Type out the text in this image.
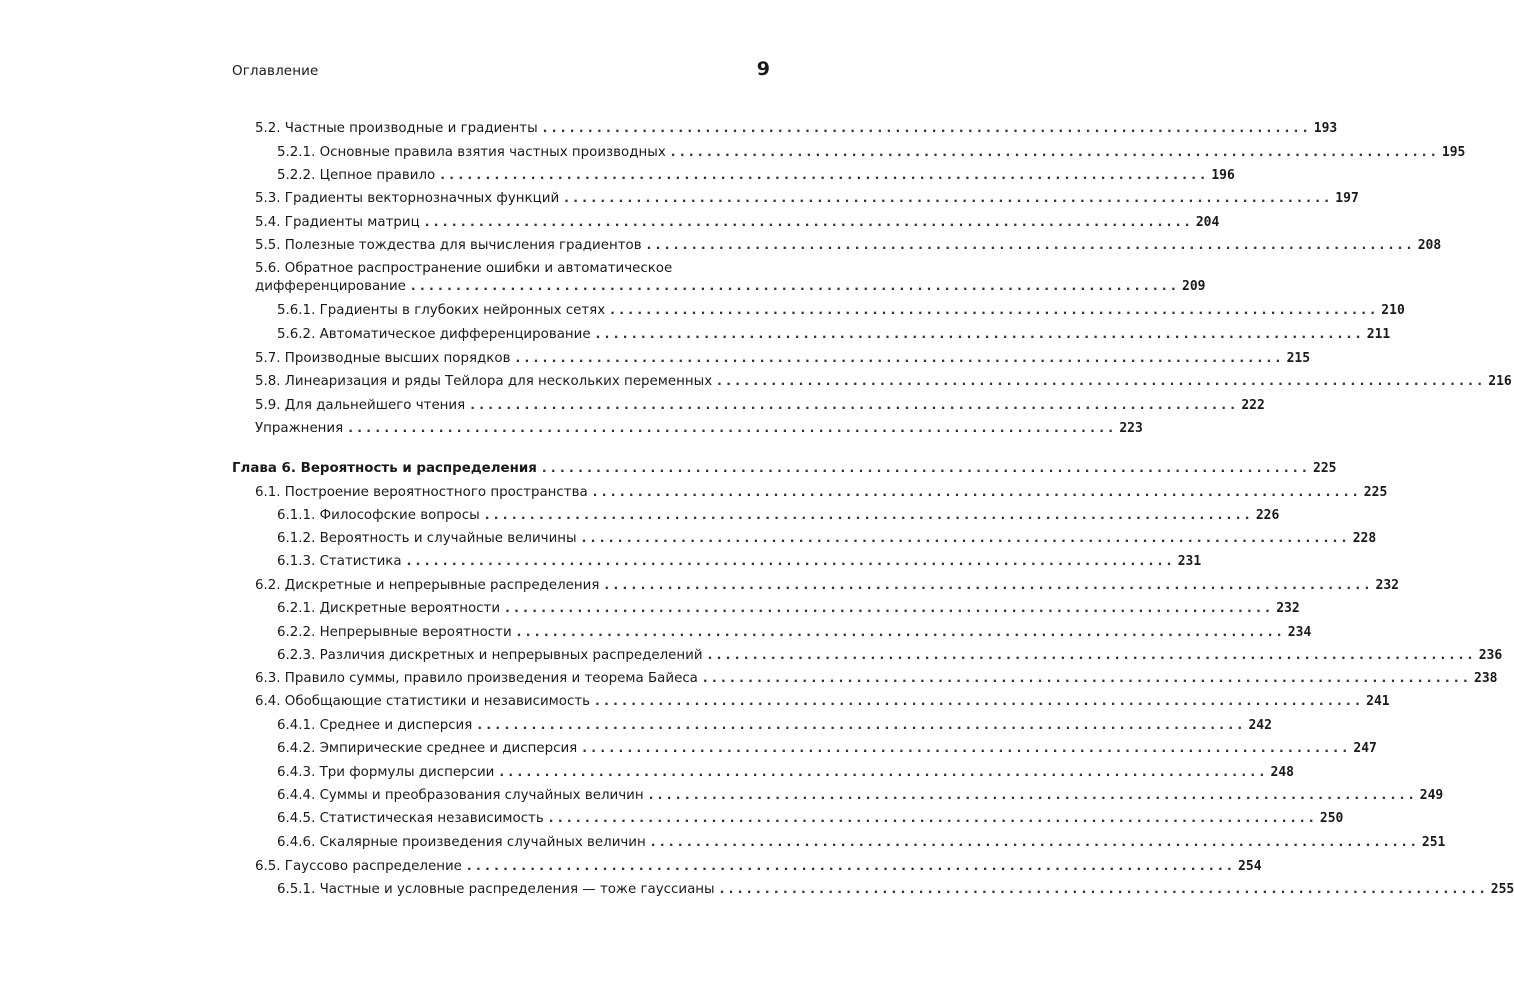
Оглавление	9
5.2. Частные производные и градиенты ..................................................................................... 193
5.2.1. Основные правила взятия частных производных ..................................................................................... 195
5.2.2. Цепное правило ..................................................................................... 196
5.3. Градиенты векторнозначных функций ..................................................................................... 197
5.4. Градиенты матриц ..................................................................................... 204
5.5. Полезные тождества для вычисления градиентов ..................................................................................... 208
5.6. Обратное распространение ошибки и автоматическое
дифференцирование ..................................................................................... 209
5.6.1. Градиенты в глубоких нейронных сетях ..................................................................................... 210
5.6.2. Автоматическое дифференцирование ..................................................................................... 211
5.7. Производные высших порядков ..................................................................................... 215
5.8. Линеаризация и ряды Тейлора для нескольких переменных ..................................................................................... 216
5.9. Для дальнейшего чтения ..................................................................................... 222
Упражнения ..................................................................................... 223
Глава 6. Вероятность и распределения ..................................................................................... 225
6.1. Построение вероятностного пространства ..................................................................................... 225
6.1.1. Философские вопросы ..................................................................................... 226
6.1.2. Вероятность и случайные величины ..................................................................................... 228
6.1.3. Статистика ..................................................................................... 231
6.2. Дискретные и непрерывные распределения ..................................................................................... 232
6.2.1. Дискретные вероятности ..................................................................................... 232
6.2.2. Непрерывные вероятности ..................................................................................... 234
6.2.3. Различия дискретных и непрерывных распределений ..................................................................................... 236
6.3. Правило суммы, правило произведения и теорема Байеса ..................................................................................... 238
6.4. Обобщающие статистики и независимость ..................................................................................... 241
6.4.1. Среднее и дисперсия ..................................................................................... 242
6.4.2. Эмпирические среднее и дисперсия ..................................................................................... 247
6.4.3. Три формулы дисперсии ..................................................................................... 248
6.4.4. Суммы и преобразования случайных величин ..................................................................................... 249
6.4.5. Статистическая независимость ..................................................................................... 250
6.4.6. Скалярные произведения случайных величин ..................................................................................... 251
6.5. Гауссово распределение ..................................................................................... 254
6.5.1. Частные и условные распределения — тоже гауссианы ..................................................................................... 255
